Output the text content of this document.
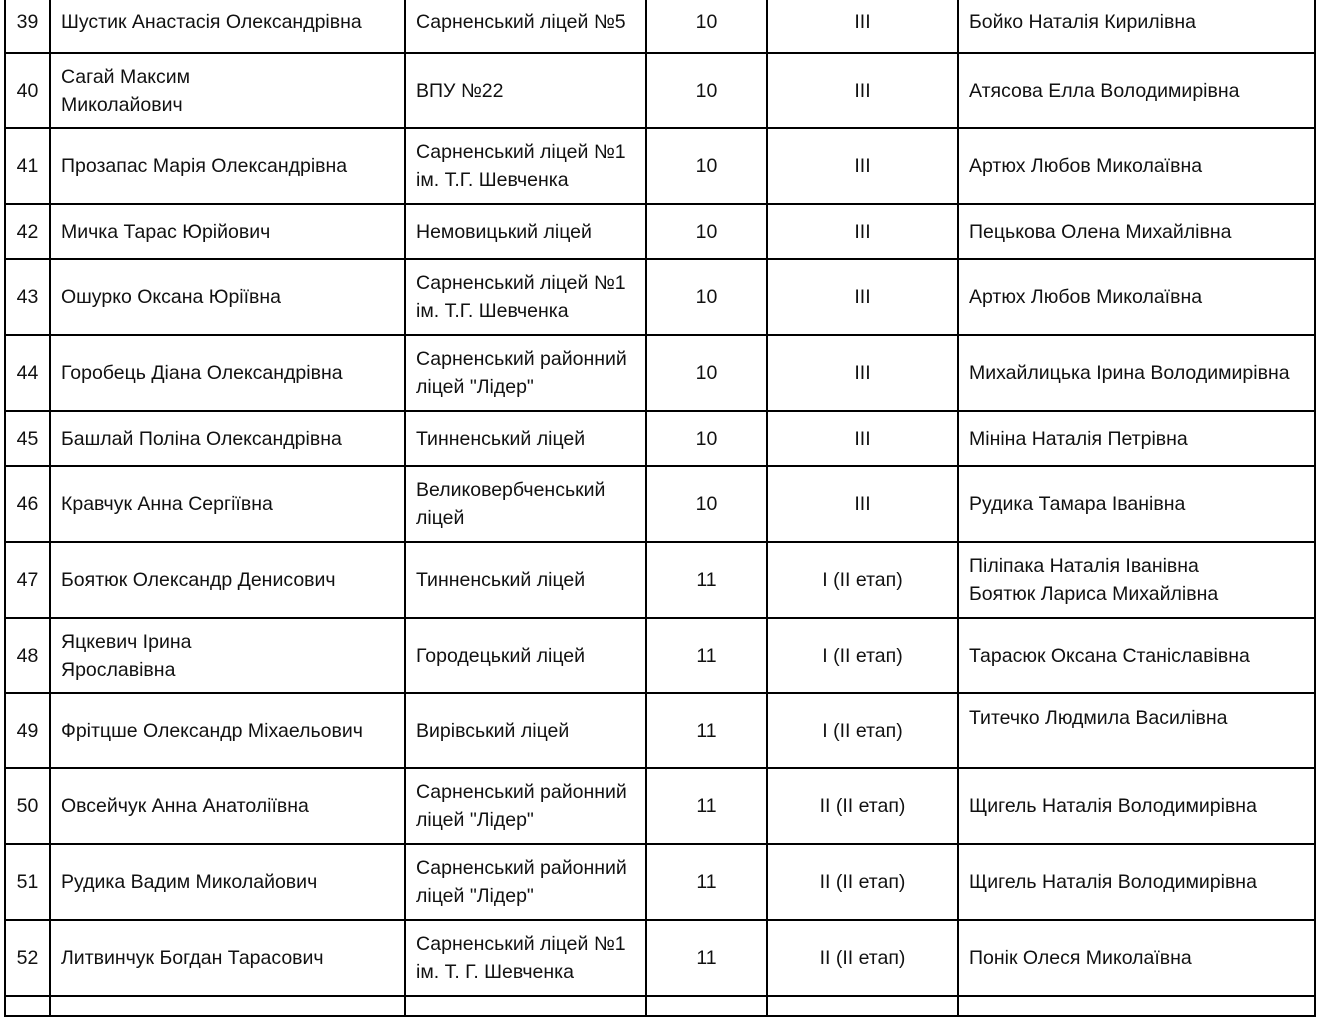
39	Шустик Анастасія Олександрівна	Сарненський ліцей №5	10	ІІІ	Бойко Наталія Кирилівна

40	Сагай Максим
Миколайович	ВПУ №22	10	ІІІ	Атясова Елла Володимирівна

41	Прозапас Марія Олександрівна	Сарненський ліцей №1
ім. Т.Г. Шевченка	10	ІІІ	Артюх Любов Миколаївна

42	Мичка Тарас Юрійович	Немовицький ліцей	10	ІІІ	Пецькова Олена Михайлівна

43	Ошурко Оксана Юріївна	Сарненський ліцей №1
ім. Т.Г. Шевченка	10	ІІІ	Артюх Любов Миколаївна

44	Горобець Діана Олександрівна	Сарненський районний
ліцей "Лідер"	10	ІІІ	Михайлицька Ірина Володимирівна

45	Башлай Поліна Олександрівна	Тинненський ліцей	10	ІІІ	Мініна Наталія Петрівна

46	Кравчук Анна Сергіївна	Великовербченський
ліцей	10	ІІІ	Рудика Тамара Іванівна

47	Боятюк Олександр Денисович	Тинненський ліцей	11	І (ІІ етап)	Піліпака Наталія Іванівна
Боятюк Лариса Михайлівна

48	Яцкевич Ірина
Ярославівна	Городецький ліцей	11	І (ІІ етап)	Тарасюк Оксана Станіславівна

49	Фрітцше Олександр Міхаельович	Вирівський ліцей	11	І (ІІ етап)	Титечко Людмила Василівна

50	Овсейчук Анна Анатоліївна	Сарненський районний
ліцей "Лідер"	11	ІІ (ІІ етап)	Щигель Наталія Володимирівна

51	Рудика Вадим Миколайович	Сарненський районний
ліцей "Лідер"	11	ІІ (ІІ етап)	Щигель Наталія Володимирівна

52	Литвинчук Богдан Тарасович	Сарненський ліцей №1
ім. Т. Г. Шевченка	11	ІІ (ІІ етап)	Понік Олеся Миколаївна
